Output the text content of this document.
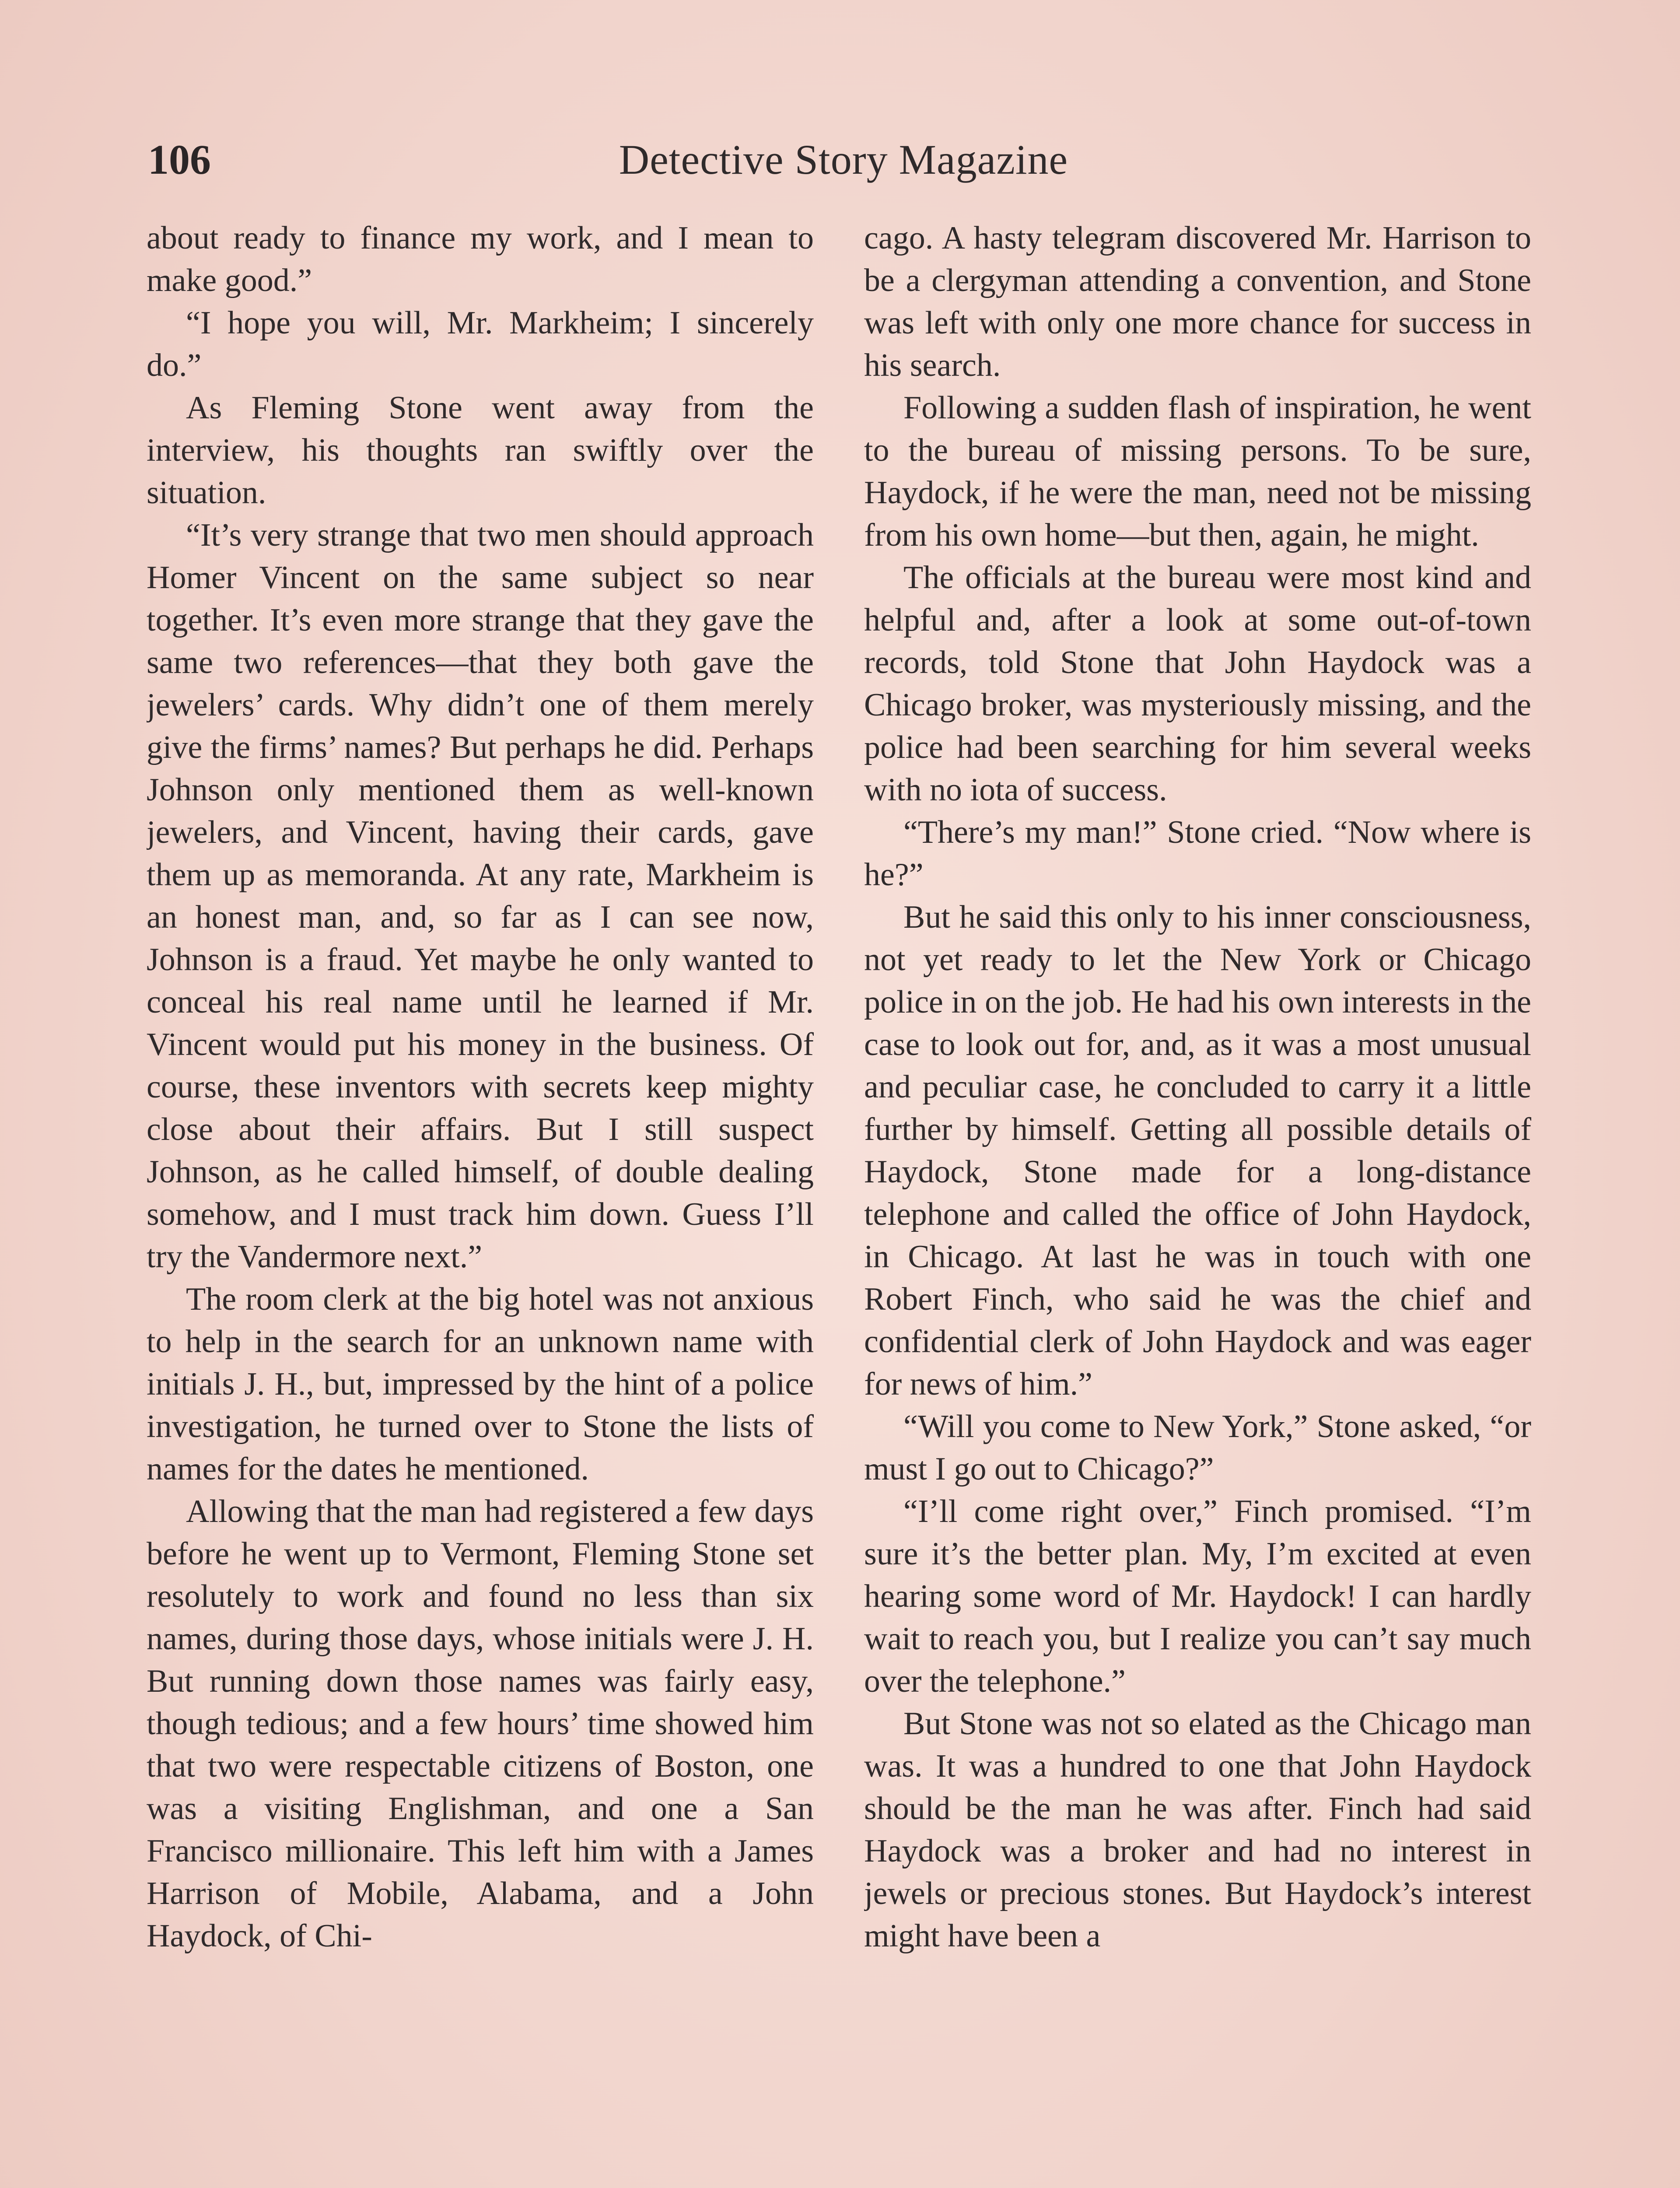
106	Detective Story Magazine

about ready to finance my work, and I mean to make good.”

“I hope you will, Mr. Markheim; I sincerely do.”

As Fleming Stone went away from the interview, his thoughts ran swiftly over the situation.

“It’s very strange that two men should approach Homer Vincent on the same subject so near together. It’s even more strange that they gave the same two references—that they both gave the jewelers’ cards. Why didn’t one of them merely give the firms’ names? But perhaps he did. Perhaps Johnson only mentioned them as well-known jewelers, and Vincent, having their cards, gave them up as memoranda. At any rate, Markheim is an honest man, and, so far as I can see now, Johnson is a fraud. Yet maybe he only wanted to conceal his real name until he learned if Mr. Vincent would put his money in the business. Of course, these inventors with secrets keep mighty close about their affairs. But I still suspect Johnson, as he called himself, of double dealing somehow, and I must track him down. Guess I’ll try the Vandermore next.”

The room clerk at the big hotel was not anxious to help in the search for an unknown name with initials J. H., but, impressed by the hint of a police investigation, he turned over to Stone the lists of names for the dates he mentioned.

Allowing that the man had registered a few days before he went up to Vermont, Fleming Stone set resolutely to work and found no less than six names, during those days, whose initials were J. H. But running down those names was fairly easy, though tedious; and a few hours’ time showed him that two were respectable citizens of Boston, one was a visiting Englishman, and one a San Francisco millionaire. This left him with a James Harrison of Mobile, Alabama, and a John Haydock, of Chi-

cago. A hasty telegram discovered Mr. Harrison to be a clergyman attending a convention, and Stone was left with only one more chance for success in his search.

Following a sudden flash of inspiration, he went to the bureau of missing persons. To be sure, Haydock, if he were the man, need not be missing from his own home—but then, again, he might.

The officials at the bureau were most kind and helpful and, after a look at some out-of-town records, told Stone that John Haydock was a Chicago broker, was mysteriously missing, and the police had been searching for him several weeks with no iota of success.

“There’s my man!” Stone cried. “Now where is he?”

But he said this only to his inner consciousness, not yet ready to let the New York or Chicago police in on the job. He had his own interests in the case to look out for, and, as it was a most unusual and peculiar case, he concluded to carry it a little further by himself. Getting all possible details of Haydock, Stone made for a long-distance telephone and called the office of John Haydock, in Chicago. At last he was in touch with one Robert Finch, who said he was the chief and confidential clerk of John Haydock and was eager for news of him.”

“Will you come to New York,” Stone asked, “or must I go out to Chicago?”

“I’ll come right over,” Finch promised. “I’m sure it’s the better plan. My, I’m excited at even hearing some word of Mr. Haydock! I can hardly wait to reach you, but I realize you can’t say much over the telephone.”

But Stone was not so elated as the Chicago man was. It was a hundred to one that John Haydock should be the man he was after. Finch had said Haydock was a broker and had no interest in jewels or precious stones. But Haydock’s interest might have been a
